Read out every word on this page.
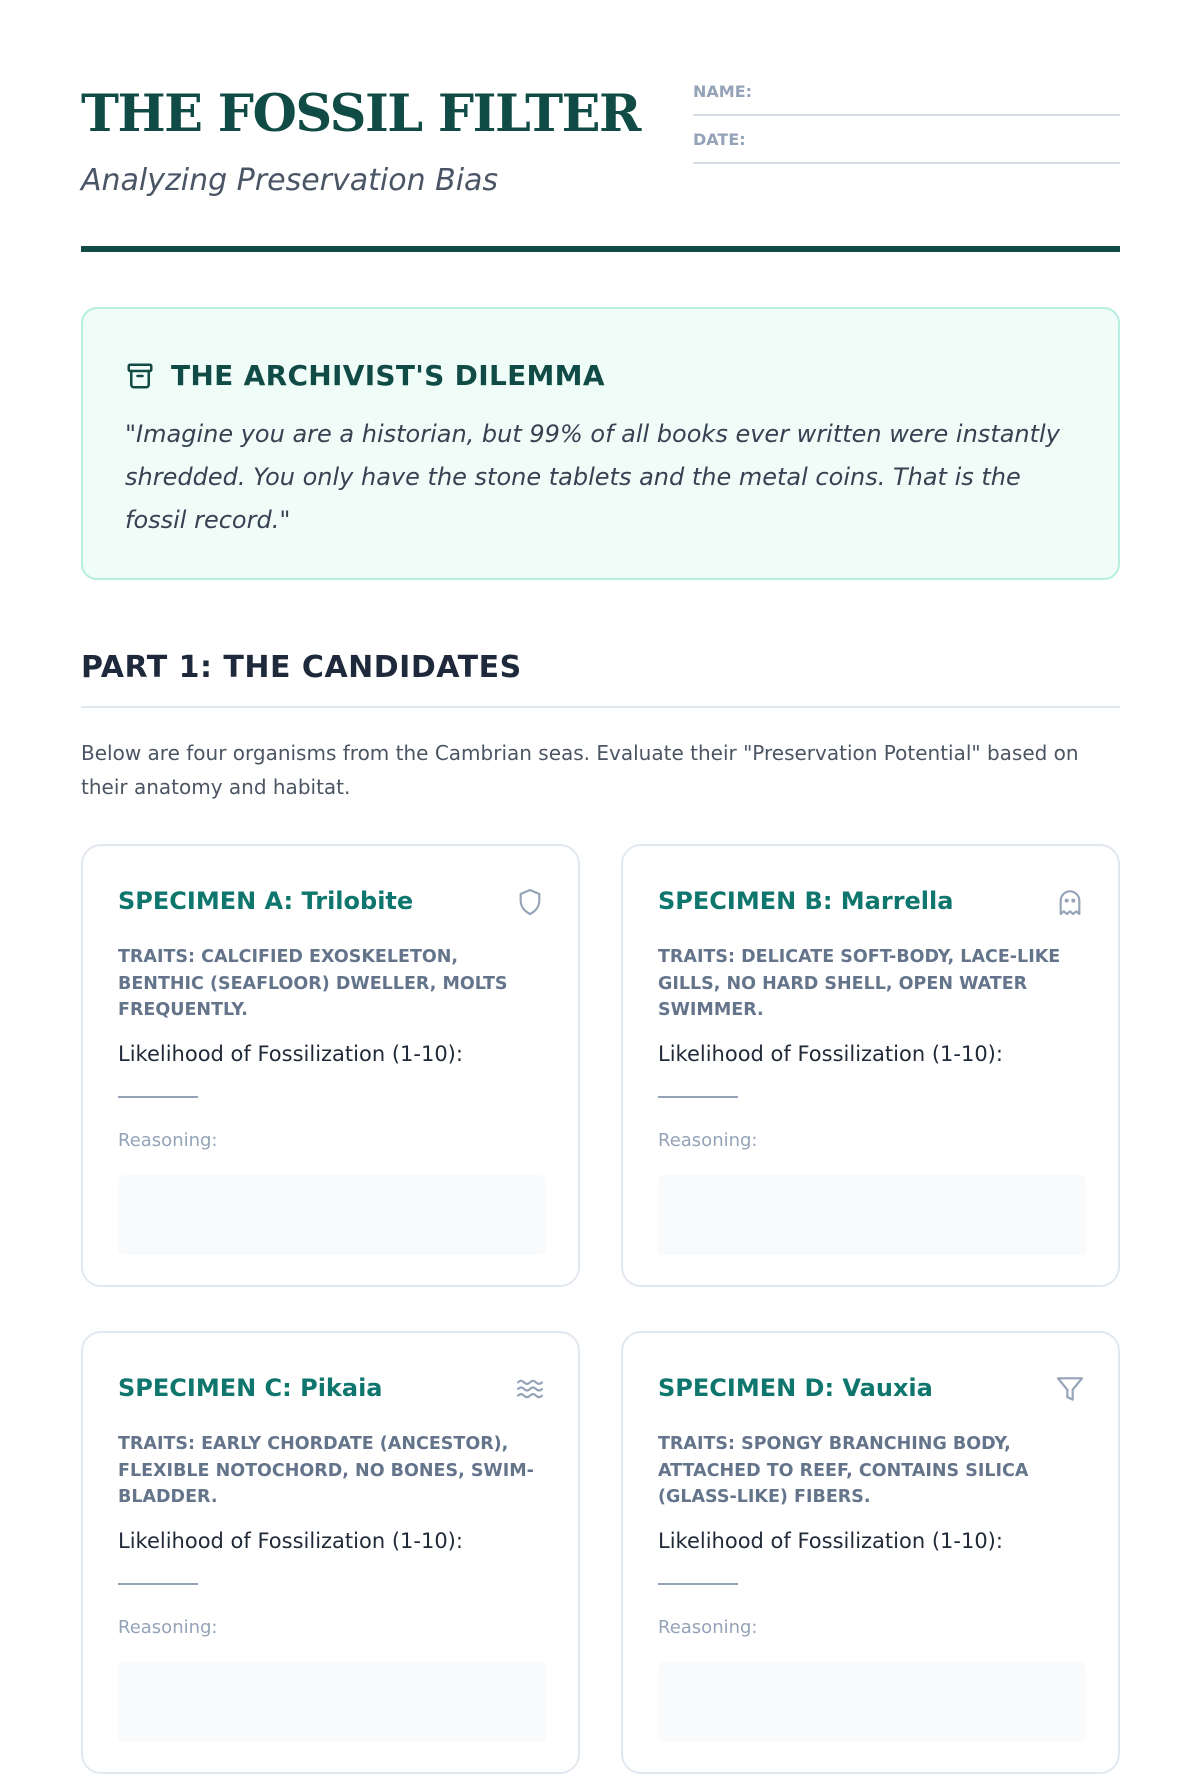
THE FOSSIL FILTER
Analyzing Preservation Bias
NAME:
DATE:
THE ARCHIVIST'S DILEMMA

"Imagine you are a historian, but 99% of all books ever written were instantly shredded. You only have the stone tablets and the metal coins. That is the fossil record."

PART 1: THE CANDIDATES

Below are four organisms from the Cambrian seas. Evaluate their "Preservation Potential" based on their anatomy and habitat.

SPECIMEN A: Trilobite
TRAITS: CALCIFIED EXOSKELETON, BENTHIC (SEAFLOOR) DWELLER, MOLTS FREQUENTLY.
Likelihood of Fossilization (1-10):
Reasoning:
SPECIMEN B: Marrella
TRAITS: DELICATE SOFT-BODY, LACE-LIKE GILLS, NO HARD SHELL, OPEN WATER SWIMMER.
Likelihood of Fossilization (1-10):
Reasoning:
SPECIMEN C: Pikaia
TRAITS: EARLY CHORDATE (ANCESTOR), FLEXIBLE NOTOCHORD, NO BONES, SWIM-BLADDER.
Likelihood of Fossilization (1-10):
Reasoning:
SPECIMEN D: Vauxia
TRAITS: SPONGY BRANCHING BODY, ATTACHED TO REEF, CONTAINS SILICA (GLASS-LIKE) FIBERS.
Likelihood of Fossilization (1-10):
Reasoning:
